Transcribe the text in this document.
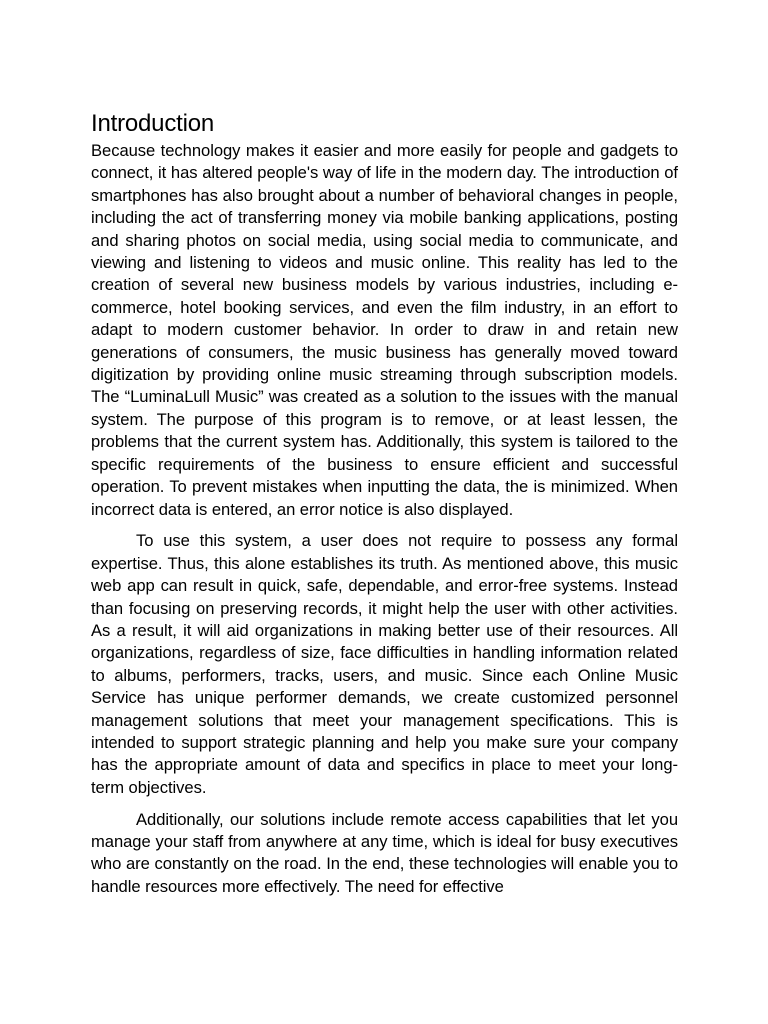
Introduction

Because technology makes it easier and more easily for people and gadgets to connect, it has altered people's way of life in the modern day. The introduction of smartphones has also brought about a number of behavioral changes in people, including the act of transferring money via mobile banking applications, posting and sharing photos on social media, using social media to communicate, and viewing and listening to videos and music online. This reality has led to the creation of several new business models by various industries, including e-commerce, hotel booking services, and even the film industry, in an effort to adapt to modern customer behavior. In order to draw in and retain new generations of consumers, the music business has generally moved toward digitization by providing online music streaming through subscription models. The “LuminaLull Music” was created as a solution to the issues with the manual system. The purpose of this program is to remove, or at least lessen, the problems that the current system has. Additionally, this system is tailored to the specific requirements of the business to ensure efficient and successful operation. To prevent mistakes when inputting the data, the is minimized. When incorrect data is entered, an error notice is also displayed.

To use this system, a user does not require to possess any formal expertise. Thus, this alone establishes its truth. As mentioned above, this music web app can result in quick, safe, dependable, and error-free systems. Instead than focusing on preserving records, it might help the user with other activities. As a result, it will aid organizations in making better use of their resources. All organizations, regardless of size, face difficulties in handling information related to albums, performers, tracks, users, and music. Since each Online Music Service has unique performer demands, we create customized personnel management solutions that meet your management specifications. This is intended to support strategic planning and help you make sure your company has the appropriate amount of data and specifics in place to meet your long-term objectives.

Additionally, our solutions include remote access capabilities that let you manage your staff from anywhere at any time, which is ideal for busy executives who are constantly on the road. In the end, these technologies will enable you to handle resources more effectively. The need for effective
